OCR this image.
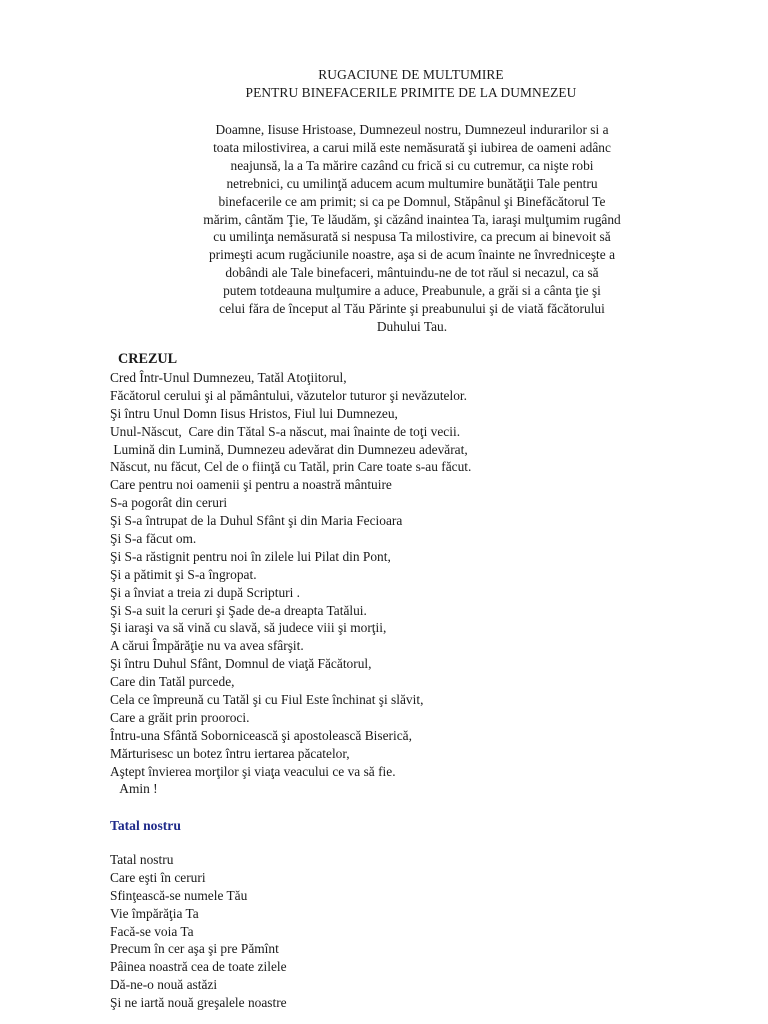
RUGACIUNE DE MULTUMIRE
PENTRU BINEFACERILE PRIMITE DE LA DUMNEZEU
Doamne, Iisuse Hristoase, Dumnezeul nostru, Dumnezeul indurarilor si a
toata milostivirea, a carui milă este nemăsurată şi iubirea de oameni adânc
neajunsă, la a Ta mărire cazând cu frică si cu cutremur, ca nişte robi
netrebnici, cu umilinţă aducem acum multumire bunătăţii Tale pentru
binefacerile ce am primit; si ca pe Domnul, Stăpânul şi Binefăcătorul Te
mărim, cântăm Ţie, Te lăudăm, şi căzând inaintea Ta, iaraşi mulţumim rugând
cu umilinţa nemăsurată si nespusa Ta milostivire, ca precum ai binevoit să
primeşti acum rugăciunile noastre, aşa si de acum înainte ne învredniceşte a
dobândi ale Tale binefaceri, mântuindu-ne de tot răul si necazul, ca să
putem totdeauna mulţumire a aduce, Preabunule, a grăi si a cânta ţie şi
celui făra de început al Tău Părinte şi preabunului şi de viată făcătorului
Duhului Tau.
CREZUL
Cred Într-Unul Dumnezeu, Tatăl Atoţiitorul,
Făcătorul cerului şi al pământului, văzutelor tuturor şi nevăzutelor.
Şi întru Unul Domn Iisus Hristos, Fiul lui Dumnezeu,
Unul-Născut,  Care din Tătal S-a născut, mai înainte de toţi vecii.
Lumină din Lumină, Dumnezeu adevărat din Dumnezeu adevărat,
Născut, nu făcut, Cel de o fiinţă cu Tatăl, prin Care toate s-au făcut.
Care pentru noi oamenii şi pentru a noastră mântuire
S-a pogorât din ceruri
Şi S-a întrupat de la Duhul Sfânt şi din Maria Fecioara
Şi S-a făcut om.
Şi S-a răstignit pentru noi în zilele lui Pilat din Pont,
Şi a pătimit şi S-a îngropat.
Şi a înviat a treia zi după Scripturi .
Şi S-a suit la ceruri şi Şade de-a dreapta Tatălui.
Şi iaraşi va să vină cu slavă, să judece viii şi morţii,
A cărui Împărăţie nu va avea sfârşit.
Şi întru Duhul Sfânt, Domnul de viaţă Făcătorul,
Care din Tatăl purcede,
Cela ce împreună cu Tatăl şi cu Fiul Este închinat şi slăvit,
Care a grăit prin prooroci.
Întru-una Sfântă Sobornicească şi apostolească Biserică,
Mărturisesc un botez întru iertarea păcatelor,
Aştept învierea morţilor şi viaţa veacului ce va să fie.
Amin !
Tatal nostru
Tatal nostru
Care eşti în ceruri
Sfinţească-se numele Tău
Vie împărăţia Ta
Facă-se voia Ta
Precum în cer aşa şi pre Pămînt
Pâinea noastră cea de toate zilele
Dă-ne-o nouă astăzi
Şi ne iartă nouă greşalele noastre
